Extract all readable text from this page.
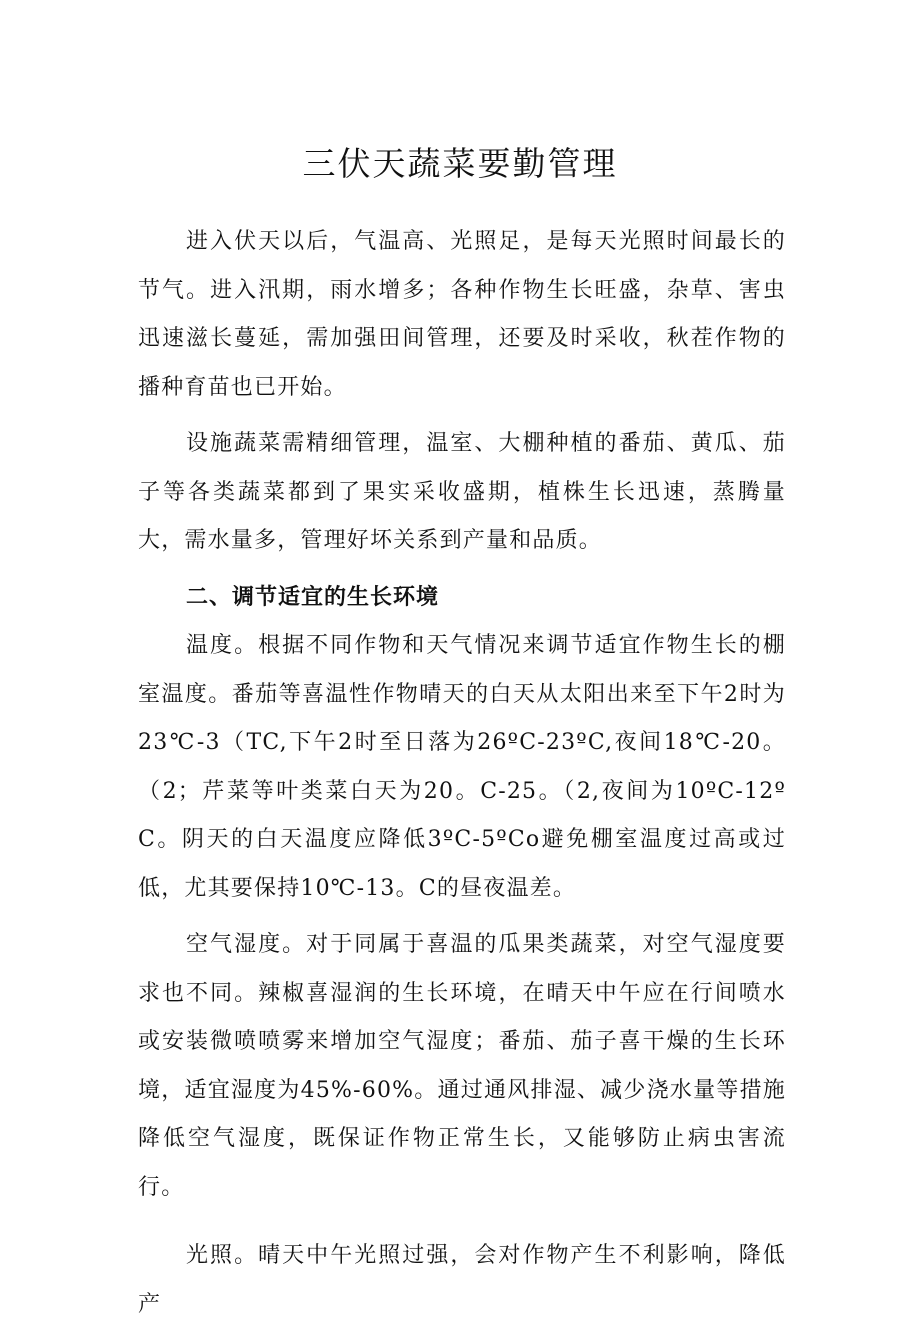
三伏天蔬菜要勤管理

进入伏天以后，气温高、光照足，是每天光照时间最长的节气。进入汛期，雨水增多；各种作物生长旺盛，杂草、害虫迅速滋长蔓延，需加强田间管理，还要及时采收，秋茬作物的播种育苗也已开始。

设施蔬菜需精细管理，温室、大棚种植的番茄、黄瓜、茄子等各类蔬菜都到了果实采收盛期，植株生长迅速，蒸腾量大，需水量多，管理好坏关系到产量和品质。

二、调节适宜的生长环境

温度。根据不同作物和天气情况来调节适宜作物生长的棚室温度。番茄等喜温性作物晴天的白天从太阳出来至下午2时为23℃-3（TC,下午2时至日落为26ºC-23ºC,夜间18℃-20。（2；芹菜等叶类菜白天为20。C-25。（2,夜间为10ºC-12ºC。阴天的白天温度应降低3ºC-5ºCo避免棚室温度过高或过低，尤其要保持10℃-13。C的昼夜温差。

空气湿度。对于同属于喜温的瓜果类蔬菜，对空气湿度要求也不同。辣椒喜湿润的生长环境，在晴天中午应在行间喷水或安装微喷喷雾来增加空气湿度；番茄、茄子喜干燥的生长环境，适宜湿度为45%-60%。通过通风排湿、减少浇水量等措施降低空气湿度，既保证作物正常生长，又能够防止病虫害流行。

光照。晴天中午光照过强，会对作物产生不利影响，降低产
